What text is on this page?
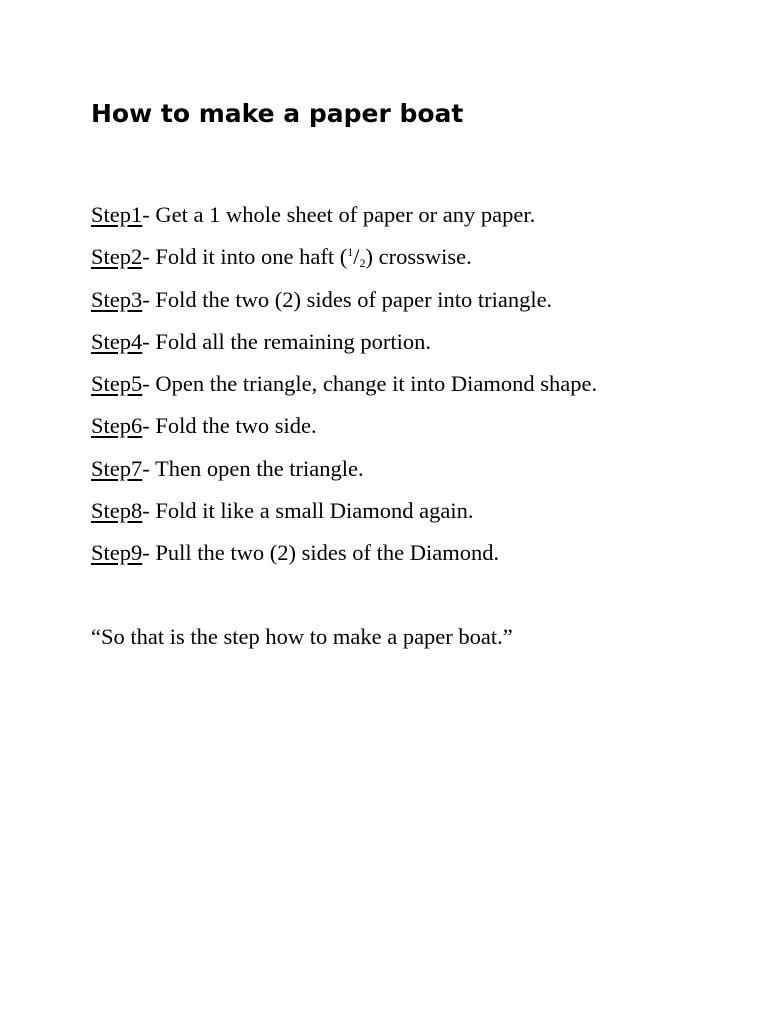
How to make a paper boat
Step1- Get a 1 whole sheet of paper or any paper.
Step2- Fold it into one haft ($^1$/2) crosswise.
Step3- Fold the two (2) sides of paper into triangle.
Step4- Fold all the remaining portion.
Step5- Open the triangle, change it into Diamond shape.
Step6- Fold the two side.
Step7- Then open the triangle.
Step8- Fold it like a small Diamond again.
Step9- Pull the two (2) sides of the Diamond.

“So that is the step how to make a paper boat.”
